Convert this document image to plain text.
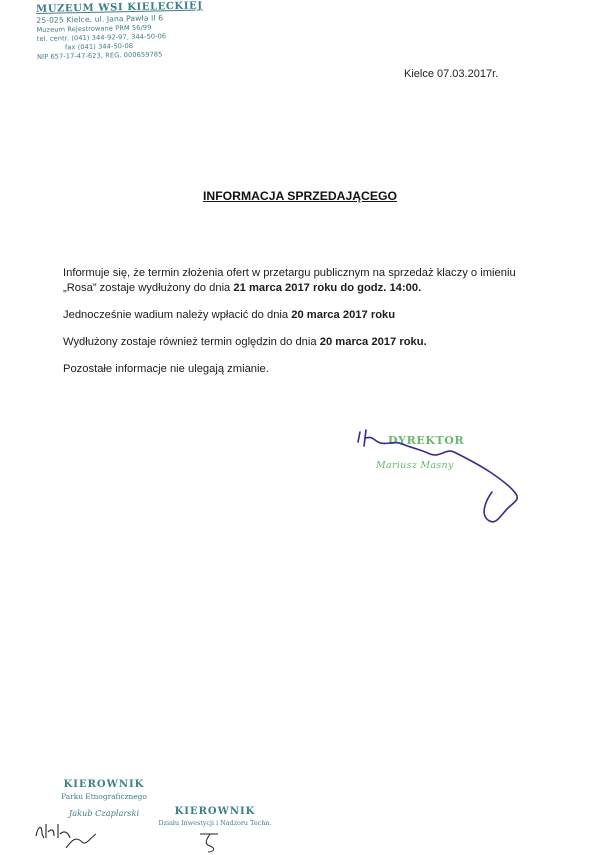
MUZEUM WSI KIELECKIEJ
25-025 Kielce, ul. Jana Pawła II 6
Muzeum Rejestrowane PRM 56/99
tel. centr. (041) 344-92-97, 344-50-06
fax (041) 344-50-08
NIP 657-17-47-623, REG. 000659785
Kielce 07.03.2017r.
INFORMACJA SPRZEDAJĄCEGO

Informuje się, że termin złożenia ofert w przetargu publicznym na sprzedaż klaczy o imieniu
„Rosa” zostaje wydłużony do dnia 21 marca 2017 roku do godz. 14:00.

Jednocześnie wadium należy wpłacić do dnia 20 marca 2017 roku

Wydłużony zostaje również termin oględzin do dnia 20 marca 2017 roku.

Pozostałe informacje nie ulegają zmianie.

DYREKTOR
Mariusz Masny
KIEROWNIK
Parku Etnograficznego
Jakub Czaplarski	KIEROWNIK
Działu Inwestycji i Nadzoru Techn.
